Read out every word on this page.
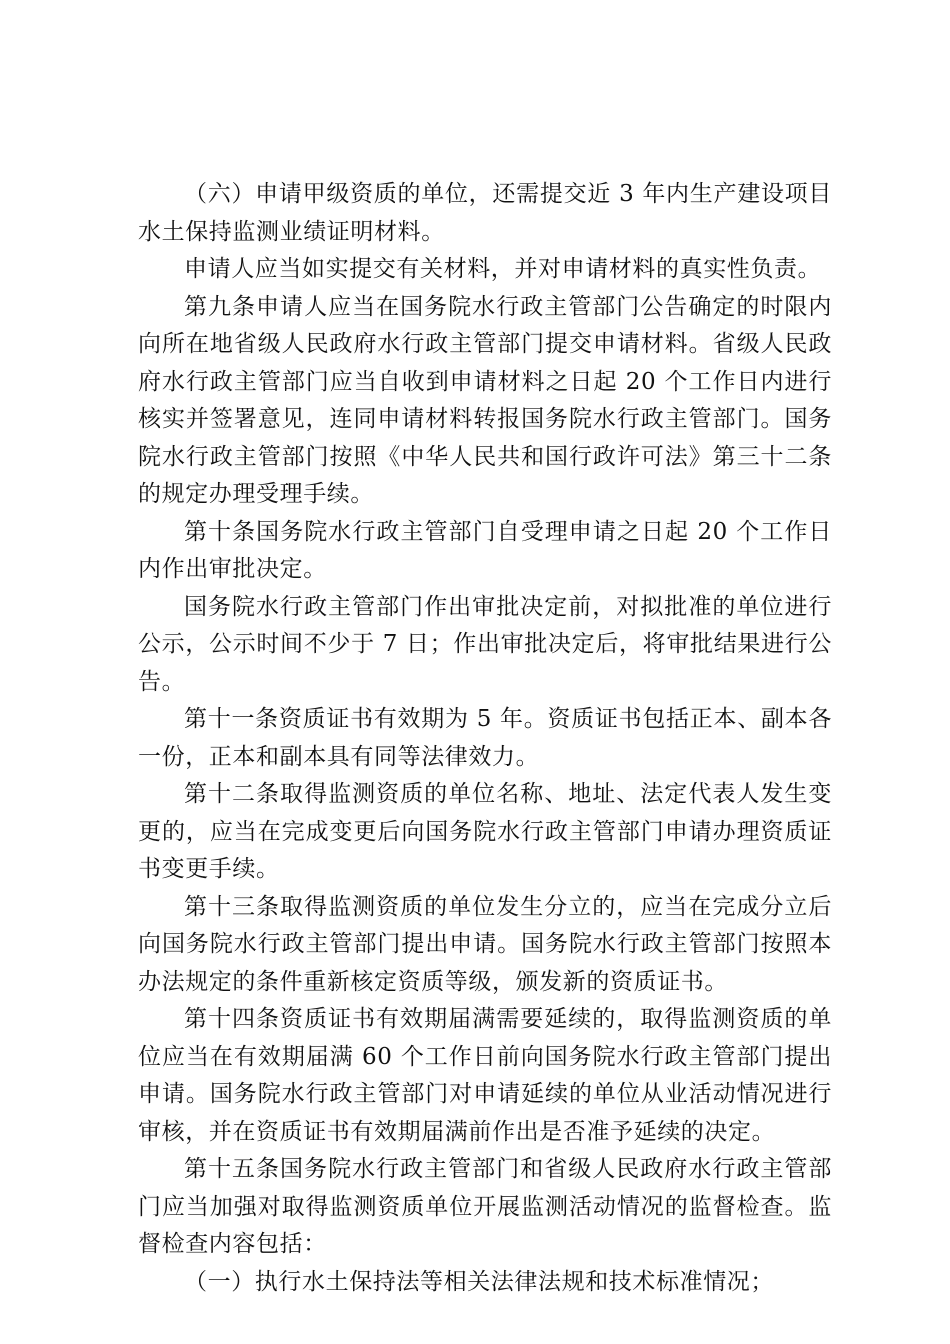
（六）申请甲级资质的单位，还需提交近 3 年内生产建设项目水土保持监测业绩证明材料。

申请人应当如实提交有关材料，并对申请材料的真实性负责。

第九条申请人应当在国务院水行政主管部门公告确定的时限内向所在地省级人民政府水行政主管部门提交申请材料。省级人民政府水行政主管部门应当自收到申请材料之日起 20 个工作日内进行核实并签署意见，连同申请材料转报国务院水行政主管部门。国务院水行政主管部门按照《中华人民共和国行政许可法》第三十二条的规定办理受理手续。

第十条国务院水行政主管部门自受理申请之日起 20 个工作日内作出审批决定。

国务院水行政主管部门作出审批决定前，对拟批准的单位进行公示，公示时间不少于 7 日；作出审批决定后，将审批结果进行公告。

第十一条资质证书有效期为 5 年。资质证书包括正本、副本各一份，正本和副本具有同等法律效力。

第十二条取得监测资质的单位名称、地址、法定代表人发生变更的，应当在完成变更后向国务院水行政主管部门申请办理资质证书变更手续。

第十三条取得监测资质的单位发生分立的，应当在完成分立后向国务院水行政主管部门提出申请。国务院水行政主管部门按照本办法规定的条件重新核定资质等级，颁发新的资质证书。

第十四条资质证书有效期届满需要延续的，取得监测资质的单位应当在有效期届满 60 个工作日前向国务院水行政主管部门提出申请。国务院水行政主管部门对申请延续的单位从业活动情况进行审核，并在资质证书有效期届满前作出是否准予延续的决定。

第十五条国务院水行政主管部门和省级人民政府水行政主管部门应当加强对取得监测资质单位开展监测活动情况的监督检查。监督检查内容包括：

（一）执行水土保持法等相关法律法规和技术标准情况；
